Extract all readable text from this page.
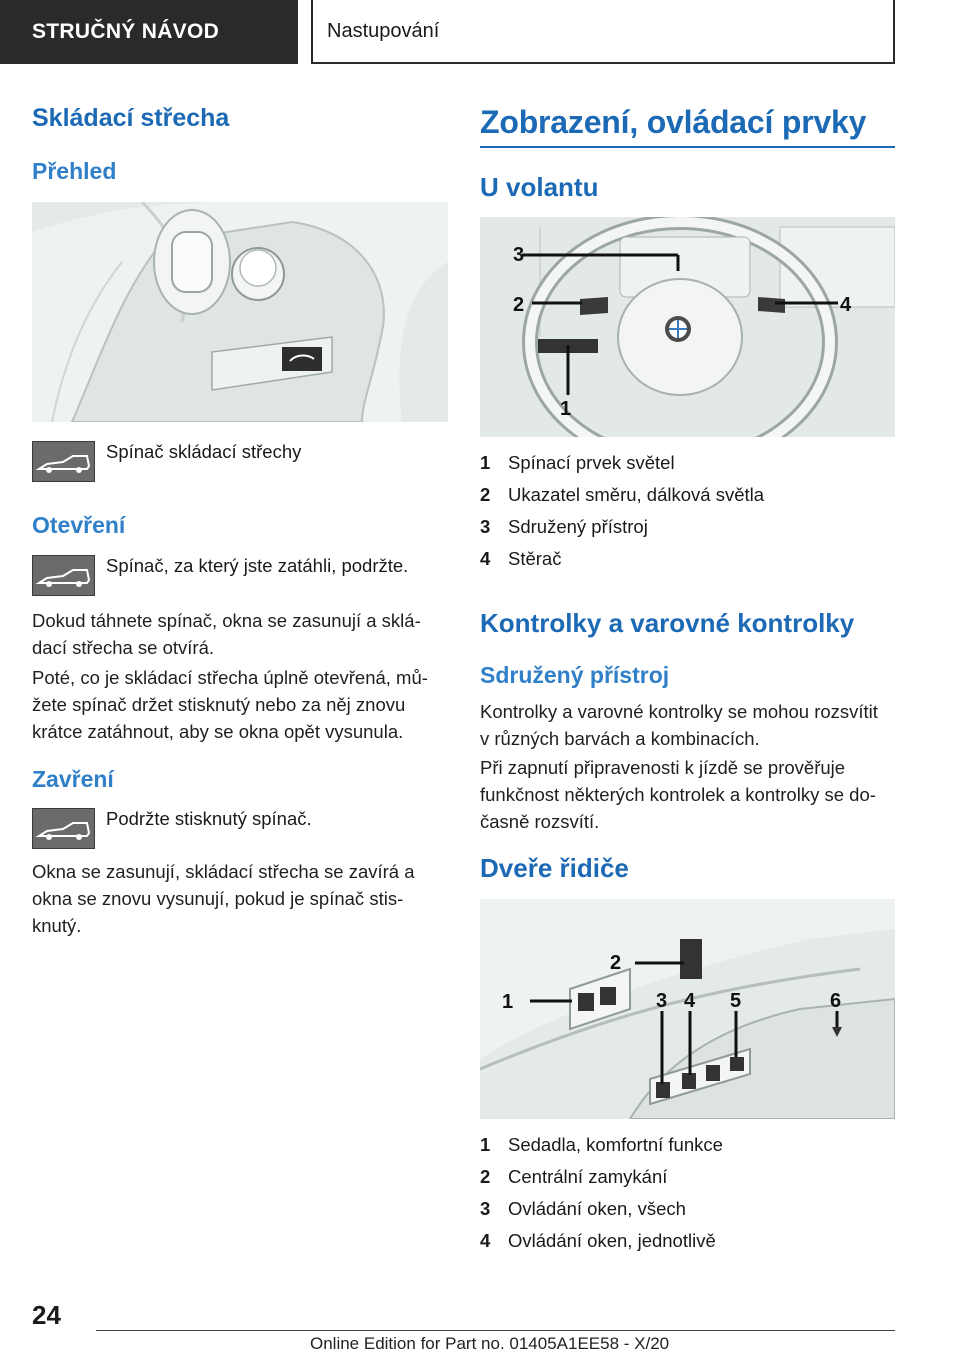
STRUČNÝ NÁVOD	Nastupování
Skládací střecha
Přehled
Spínač skládací střechy
Otevření
Spínač, za který jste zatáhli, podržte.
Dokud táhnete spínač, okna se zasunují a sklá-
dací střecha se otvírá.
Poté, co je skládací střecha úplně otevřená, mů-
žete spínač držet stisknutý nebo za něj znovu
krátce zatáhnout, aby se okna opět vysunula.
Zavření
Podržte stisknutý spínač.
Okna se zasunují, skládací střecha se zavírá a
okna se znovu vysunují, pokud je spínač stis-
knutý.
Zobrazení, ovládací prvky
U volantu
3
2	4
1
1 Spínací prvek světel
2 Ukazatel směru, dálková světla
3 Sdružený přístroj
4 Stěrač
Kontrolky a varovné kontrolky
Sdružený přístroj
Kontrolky a varovné kontrolky se mohou rozsvítit
v různých barvách a kombinacích.
Při zapnutí připravenosti k jízdě se prověřuje
funkčnost některých kontrolek a kontrolky se do-
časně rozsvítí.
Dveře řidiče
1
2
3 4 5	6
1 Sedadla, komfortní funkce
2 Centrální zamykání
3 Ovládání oken, všech
4 Ovládání oken, jednotlivě
24
Online Edition for Part no. 01405A1EE58 - X/20
